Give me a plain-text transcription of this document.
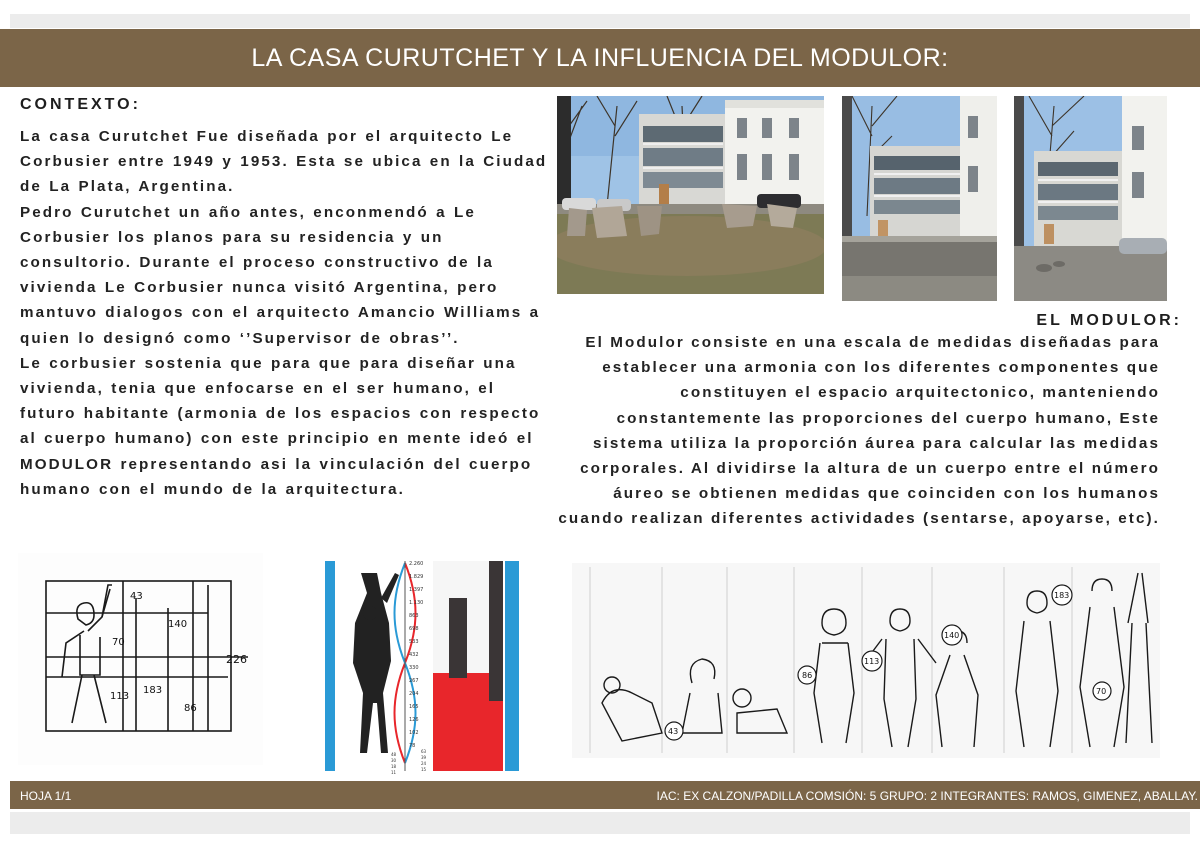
LA CASA CURUTCHET Y LA INFLUENCIA DEL MODULOR:
CONTEXTO:

La casa Curutchet Fue diseñada por el arquitecto Le Corbusier entre 1949 y 1953. Esta se ubica en la Ciudad de La Plata, Argentina.

Pedro Curutchet un año antes, enconmendó a Le Corbusier los planos para su residencia y un consultorio. Durante el proceso constructivo de la vivienda Le Corbusier nunca visitó Argentina, pero mantuvo dialogos con el arquitecto Amancio Williams a quien lo designó como ‘’Supervisor de obras’’.

Le corbusier sostenia que para que para diseñar una vivienda, tenia que enfocarse en el ser humano, el futuro habitante (armonia de los espacios con respecto al cuerpo humano) con este principio en mente ideó el MODULOR representando asi la vinculación del cuerpo humano con el mundo de la arquitectura.

EL MODULOR:
El Modulor consiste en una escala de medidas diseñadas para establecer una armonia con los diferentes componentes que constituyen el espacio arquitectonico, manteniendo constantemente las proporciones del cuerpo humano, Este sistema utiliza la proporción áurea para calcular las medidas corporales. Al dividirse la altura de un cuerpo entre el número áureo se obtienen medidas que coinciden con los humanos cuando realizan diferentes actividades (sentarse, apoyarse, etc).
43
70
140
113
183
226
86
2.260
1.829
1.397
1.130
863
698
533
432
330
267
204
165
126
102
78
63
48
39
30
24
18
15
11
183
140
113
86
70
43
HOJA 1/1	IAC: EX CALZON/PADILLA COMSIÓN: 5 GRUPO: 2 INTEGRANTES: RAMOS, GIMENEZ, ABALLAY.
